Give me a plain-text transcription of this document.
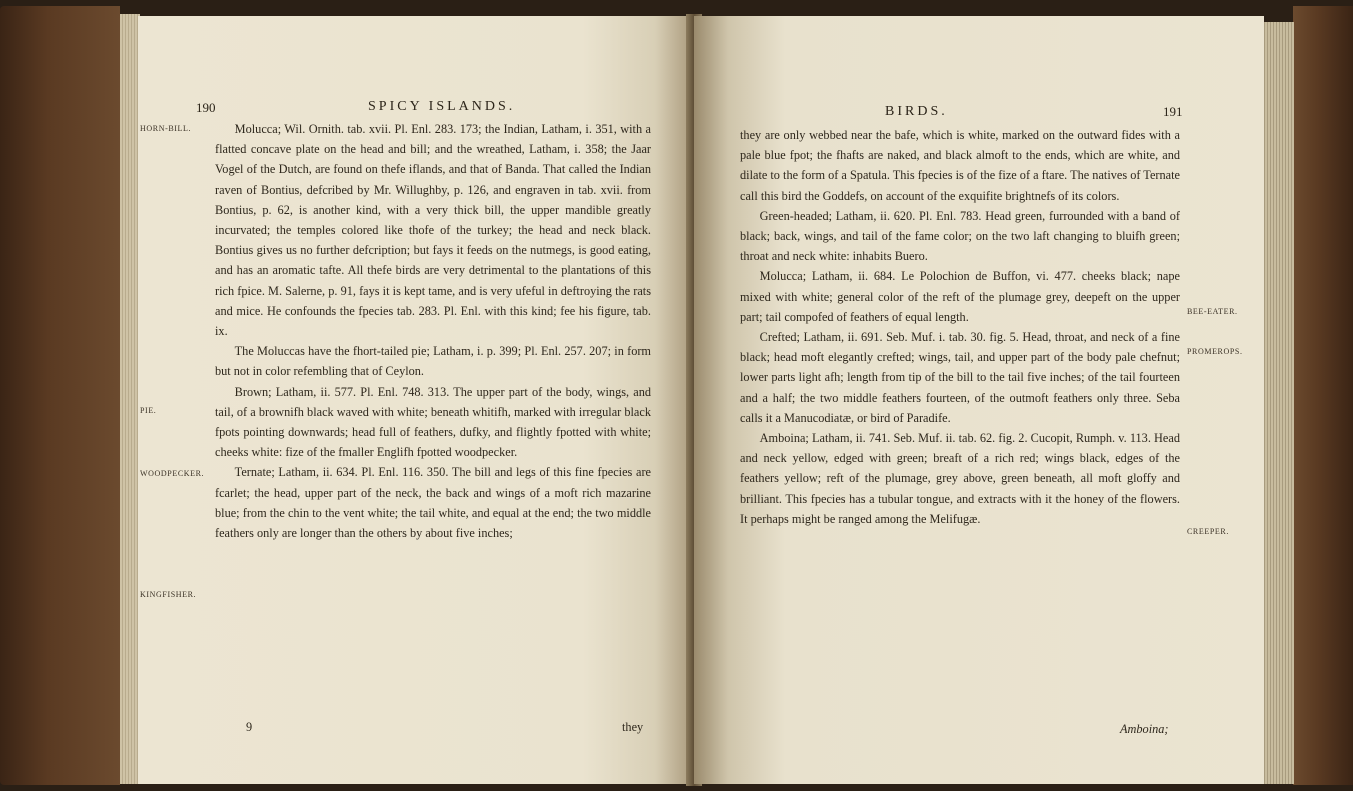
190	SPICY ISLANDS.
HORN-BILL.
PIE.
WOODPECKER.
KINGFISHER.

Molucca; Wil. Ornith. tab. xvii. Pl. Enl. 283. 173; the Indian, Latham, i. 351, with a flatted concave plate on the head and bill; and the wreathed, Latham, i. 358; the Jaar Vogel of the Dutch, are found on thefe iflands, and that of Banda. That called the Indian raven of Bontius, defcribed by Mr. Willughby, p. 126, and engraven in tab. xvii. from Bontius, p. 62, is another kind, with a very thick bill, the upper mandible greatly incurvated; the temples colored like thofe of the turkey; the head and neck black. Bontius gives us no further defcription; but fays it feeds on the nutmegs, is good eating, and has an aromatic tafte. All thefe birds are very detrimental to the plantations of this rich fpice. M. Salerne, p. 91, fays it is kept tame, and is very ufeful in deftroying the rats and mice. He confounds the fpecies tab. 283. Pl. Enl. with this kind; fee his figure, tab. ix.

The Moluccas have the fhort-tailed pie; Latham, i. p. 399; Pl. Enl. 257. 207; in form but not in color refembling that of Ceylon.

Brown; Latham, ii. 577. Pl. Enl. 748. 313. The upper part of the body, wings, and tail, of a brownifh black waved with white; beneath whitifh, marked with irregular black fpots pointing downwards; head full of feathers, dufky, and flightly fpotted with white; cheeks white: fize of the fmaller Englifh fpotted woodpecker.

Ternate; Latham, ii. 634. Pl. Enl. 116. 350. The bill and legs of this fine fpecies are fcarlet; the head, upper part of the neck, the back and wings of a moft rich mazarine blue; from the chin to the vent white; the tail white, and equal at the end; the two middle feathers only are longer than the others by about five inches;

9	they
BIRDS.	191
BEE-EATER.
PROMEROPS.
CREEPER.

they are only webbed near the bafe, which is white, marked on the outward fides with a pale blue fpot; the fhafts are naked, and black almoft to the ends, which are white, and dilate to the form of a Spatula. This fpecies is of the fize of a ftare. The natives of Ternate call this bird the Goddefs, on account of the exquifite brightnefs of its colors.

Green-headed; Latham, ii. 620. Pl. Enl. 783. Head green, furrounded with a band of black; back, wings, and tail of the fame color; on the two laft changing to bluifh green; throat and neck white: inhabits Buero.

Molucca; Latham, ii. 684. Le Polochion de Buffon, vi. 477. cheeks black; nape mixed with white; general color of the reft of the plumage grey, deepeft on the upper part; tail compofed of feathers of equal length.

Crefted; Latham, ii. 691. Seb. Muf. i. tab. 30. fig. 5. Head, throat, and neck of a fine black; head moft elegantly crefted; wings, tail, and upper part of the body pale chefnut; lower parts light afh; length from tip of the bill to the tail five inches; of the tail fourteen and a half; the two middle feathers fourteen, of the outmoft feathers only three. Seba calls it a Manucodiatæ, or bird of Paradife.

Amboina; Latham, ii. 741. Seb. Muf. ii. tab. 62. fig. 2. Cucopit, Rumph. v. 113. Head and neck yellow, edged with green; breaft of a rich red; wings black, edges of the feathers yellow; reft of the plumage, grey above, green beneath, all moft gloffy and brilliant. This fpecies has a tubular tongue, and extracts with it the honey of the flowers. It perhaps might be ranged among the Melifugæ.

Amboina;
